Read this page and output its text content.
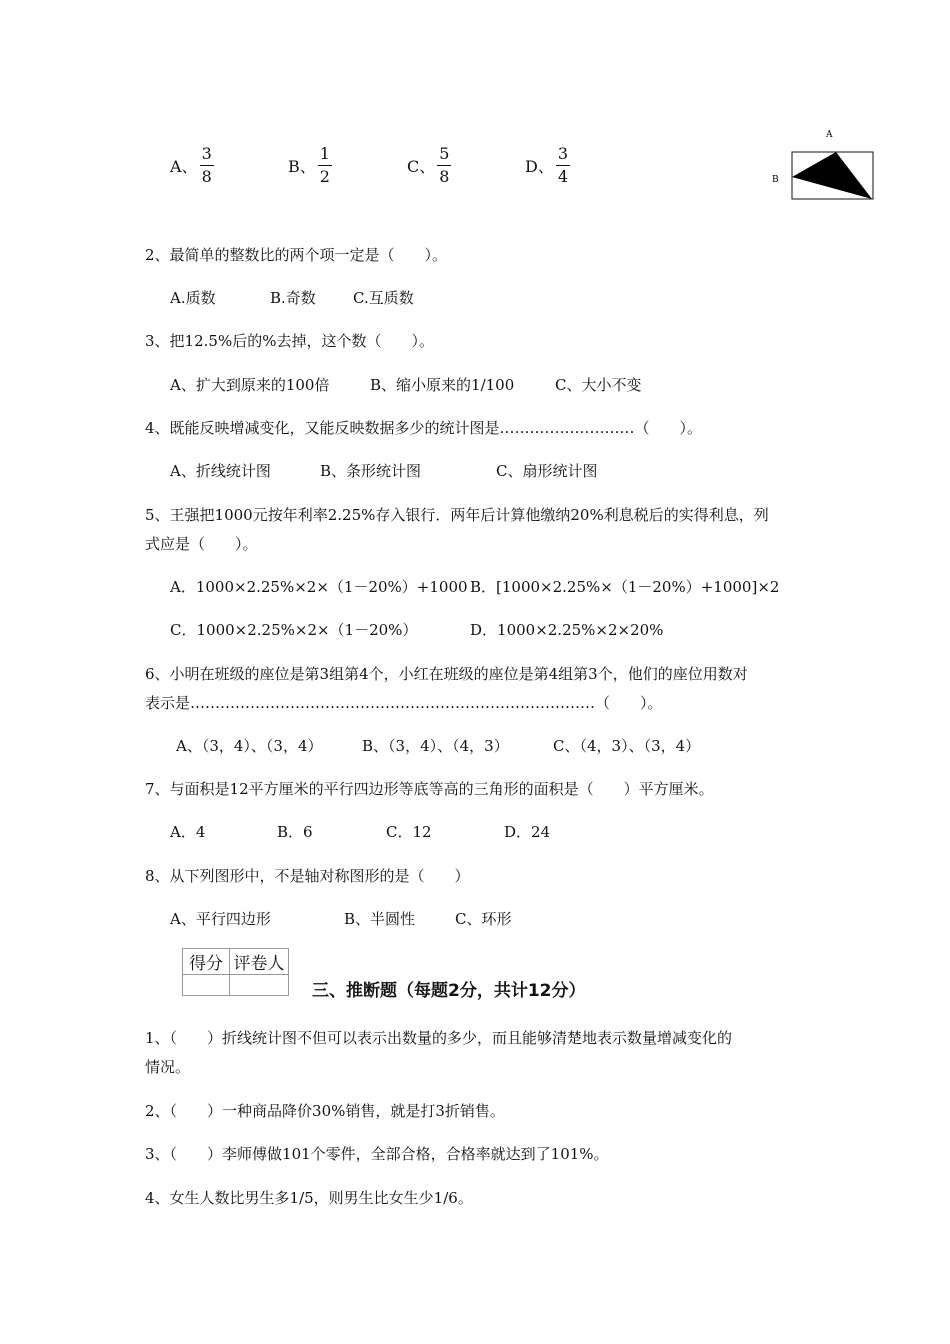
A、 $\frac{3}{8}$	B、 $\frac{1}{2}$	C、 $\frac{5}{8}$	D、 $\frac{3}{4}$
A
B
2、最简单的整数比的两个项一定是（　　）。
A.质数	B.奇数 C.互质数
3、把12.5%后的%去掉，这个数（　　）。
A、扩大到原来的100倍	B、缩小原来的1/100	C、大小不变
4、既能反映增减变化，又能反映数据多少的统计图是………………………（　　）。
A、折线统计图	B、条形统计图	C、扇形统计图
5、王强把1000元按年利率2.25%存入银行．两年后计算他缴纳20%利息税后的实得利息，列
式应是（　　）。
A．1000×2.25%×2×（1－20%）+1000 B．[1000×2.25%×（1－20%）+1000]×2
C．1000×2.25%×2×（1－20%）	D．1000×2.25%×2×20%
6、小明在班级的座位是第3组第4个，小红在班级的座位是第4组第3个，他们的座位用数对
表示是………………………………………………………………………（　　）。
A、（3，4）、（3，4）	B、（3，4）、（4，3）	C、（4，3）、（3，4）
7、与面积是12平方厘米的平行四边形等底等高的三角形的面积是（　　）平方厘米。
A．4	B．6	C．12	D．24
8、从下列图形中，不是轴对称图形的是（　　）
A、平行四边形	B、半圆性	C、环形
得分	评卷人

三、推断题（每题2分，共计12分）
1、（　　）折线统计图不但可以表示出数量的多少，而且能够清楚地表示数量增减变化的
情况。
2、（　　）一种商品降价30%销售，就是打3折销售。
3、（　　）李师傅做101个零件，全部合格，合格率就达到了101%。
4、女生人数比男生多1/5，则男生比女生少1/6。
